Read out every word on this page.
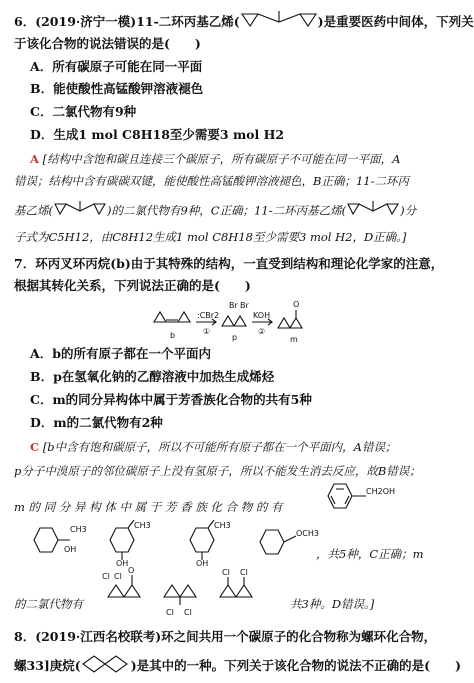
6．(2019·济宁一模)11-二环丙基乙烯(	)是重要医药中间体，下列关
于该化合物的说法错误的是(　　)
A．所有碳原子可能在同一平面
B．能使酸性高锰酸钾溶液褪色
C．二氯代物有9种
D．生成1 mol C8H18至少需要3 mol H2
A [结构中含饱和碳且连接三个碳原子，所有碳原子不可能在同一平面，A
错误；结构中含有碳碳双键，能使酸性高锰酸钾溶液褪色，B正确；11-二环丙
基乙烯(	)的二氯代物有9种，C正确；11-二环丙基乙烯(	)分
子式为C5H12，由C8H12生成1 mol C8H18至少需要3 mol H2，D正确。]
7．环丙叉环丙烷(b)由于其特殊的结构，一直受到结构和理论化学家的注意，
根据其转化关系，下列说法正确的是(　　)
b
:CBr2
①
Br Br
p
KOH
②
O
m
A．b的所有原子都在一个平面内
B．p在氢氧化钠的乙醇溶液中加热生成烯烃
C．m的同分异构体中属于芳香族化合物的共有5种
D．m的二氯代物有2种
C [b中含有饱和碳原子，所以不可能所有原子都在一个平面内，A错误；
p分子中溴原子的邻位碳原子上没有氢原子，所以不能发生消去反应，故B错误；
m 的 同 分 异 构 体 中 属 于 芳 香 族 化 合 物 的 有
CH2OH
CH3
OH
CH3
OH
CH3
OH
OCH3
，共5种，C正确；m
的二氯代物有
Cl Cl
O
Cl Cl
Cl Cl
共3种。D错误。]
8．(2019·江西名校联考)环之间共用一个碳原子的化合物称为螺环化合物，
螺33]庚烷(	)是其中的一种。下列关于该化合物的说法不正确的是(　　)
